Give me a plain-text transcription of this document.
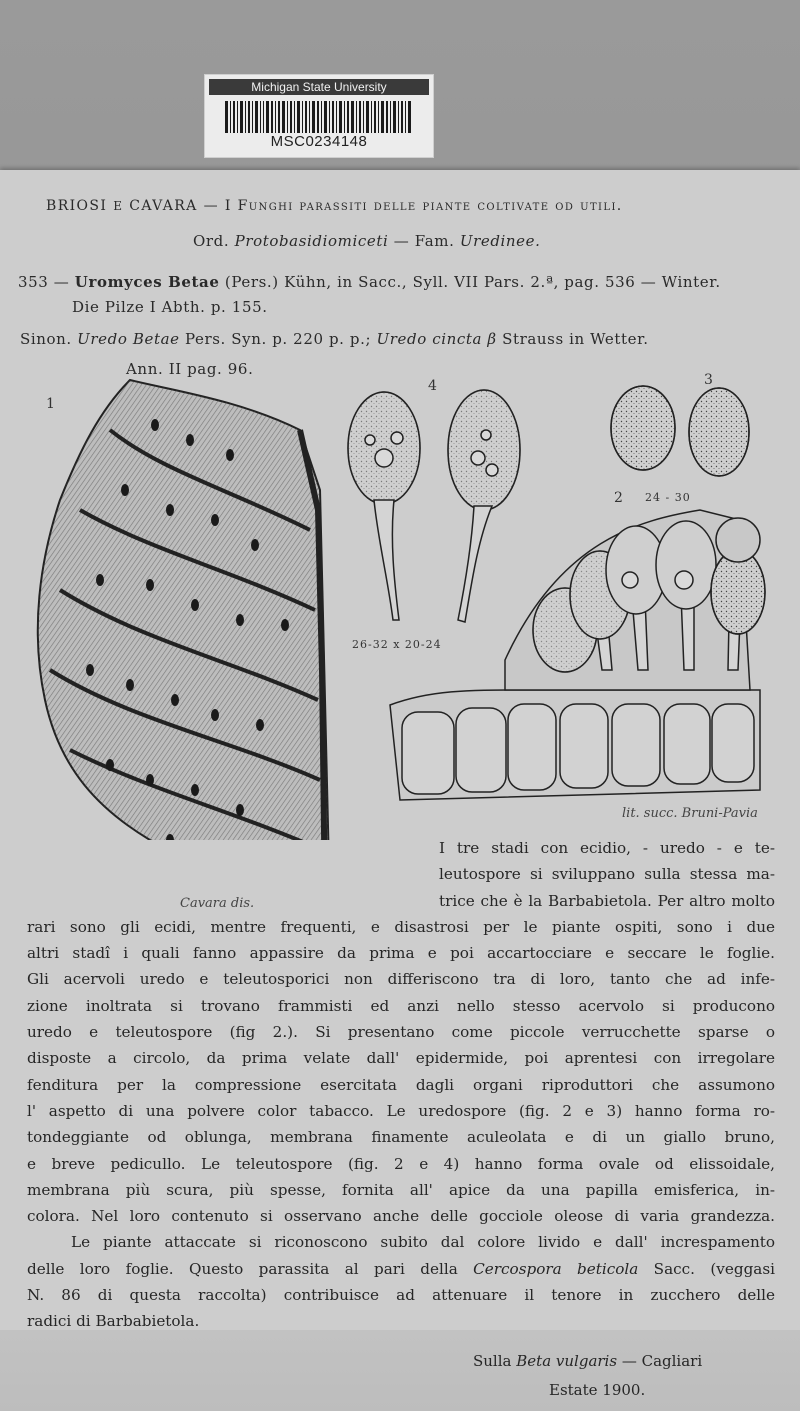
Michigan State University
MSC0234148
BRIOSI E CAVARA — I Funghi parassiti delle piante coltivate od utili.
Ord. Protobasidiomiceti — Fam. Uredinee.
353 — Uromyces Betae (Pers.) Kühn, in Sacc., Syll. VII Pars. 2.ª, pag. 536 — Winter.
Die Pilze I Abth. p. 155.
Sinon. Uredo Betae Pers. Syn. p. 220 p. p.; Uredo cincta β Strauss in Wetter.
Ann. II pag. 96.
1
4	3
2 24 - 30
26-32 x 20-24
Cavara dis.
lit. succ. Bruni-Pavia
I tre stadi con ecidio, - uredo - e te-
leutospore si sviluppano sulla stessa ma-
trice che è la Barbabietola. Per altro molto
rari sono gli ecidi, mentre frequenti, e disastrosi per le piante ospiti, sono i due
altri stadî i quali fanno appassire da prima e poi accartocciare e seccare le foglie.
Gli acervoli uredo e teleutosporici non differiscono tra di loro, tanto che ad infe-
zione inoltrata si trovano frammisti ed anzi nello stesso acervolo si producono
uredo e teleutospore (fig 2.). Si presentano come piccole verrucchette sparse o
disposte a circolo, da prima velate dall' epidermide, poi aprentesi con irregolare
fenditura per la compressione esercitata dagli organi riproduttori che assumono
l' aspetto di una polvere color tabacco. Le uredospore (fig. 2 e 3) hanno forma ro-
tondeggiante od oblunga, membrana finamente aculeolata e di un giallo bruno,
e breve pedicullo. Le teleutospore (fig. 2 e 4) hanno forma ovale od elissoidale,
membrana più scura, più spesse, fornita all' apice da una papilla emisferica, in-
colora. Nel loro contenuto si osservano anche delle gocciole oleose di varia grandezza.
Le piante attaccate si riconoscono subito dal colore livido e dall' increspamento
delle loro foglie. Questo parassita al pari della Cercospora beticola Sacc. (veggasi
N. 86 di questa raccolta) contribuisce ad attenuare il tenore in zucchero delle
radici di Barbabietola.
Sulla Beta vulgaris — Cagliari
Estate 1900.
